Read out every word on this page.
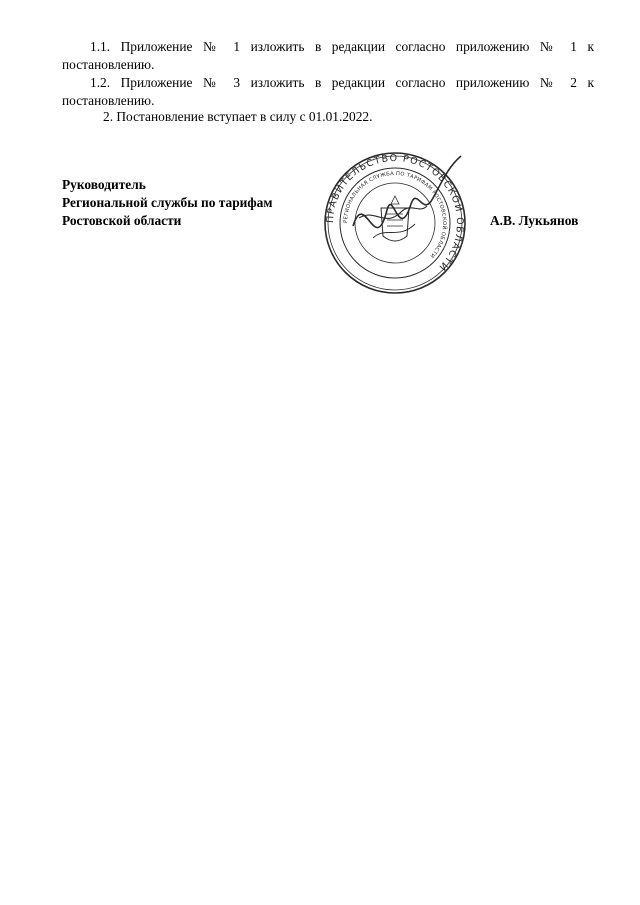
1.1. Приложение № 1 изложить в редакции согласно приложению № 1 к постановлению.
1.2. Приложение № 3 изложить в редакции согласно приложению № 2 к постановлению.
2. Постановление вступает в силу с 01.01.2022.
Руководитель
Региональной службы по тарифам
Ростовской области	А.В. Лукьянов
ПРАВИТЕЛЬСТВО РОСТОВСКОЙ ОБЛАСТИ
РЕГИОНАЛЬНАЯ СЛУЖБА ПО ТАРИФАМ РОСТОВСКОЙ ОБЛАСТИ
